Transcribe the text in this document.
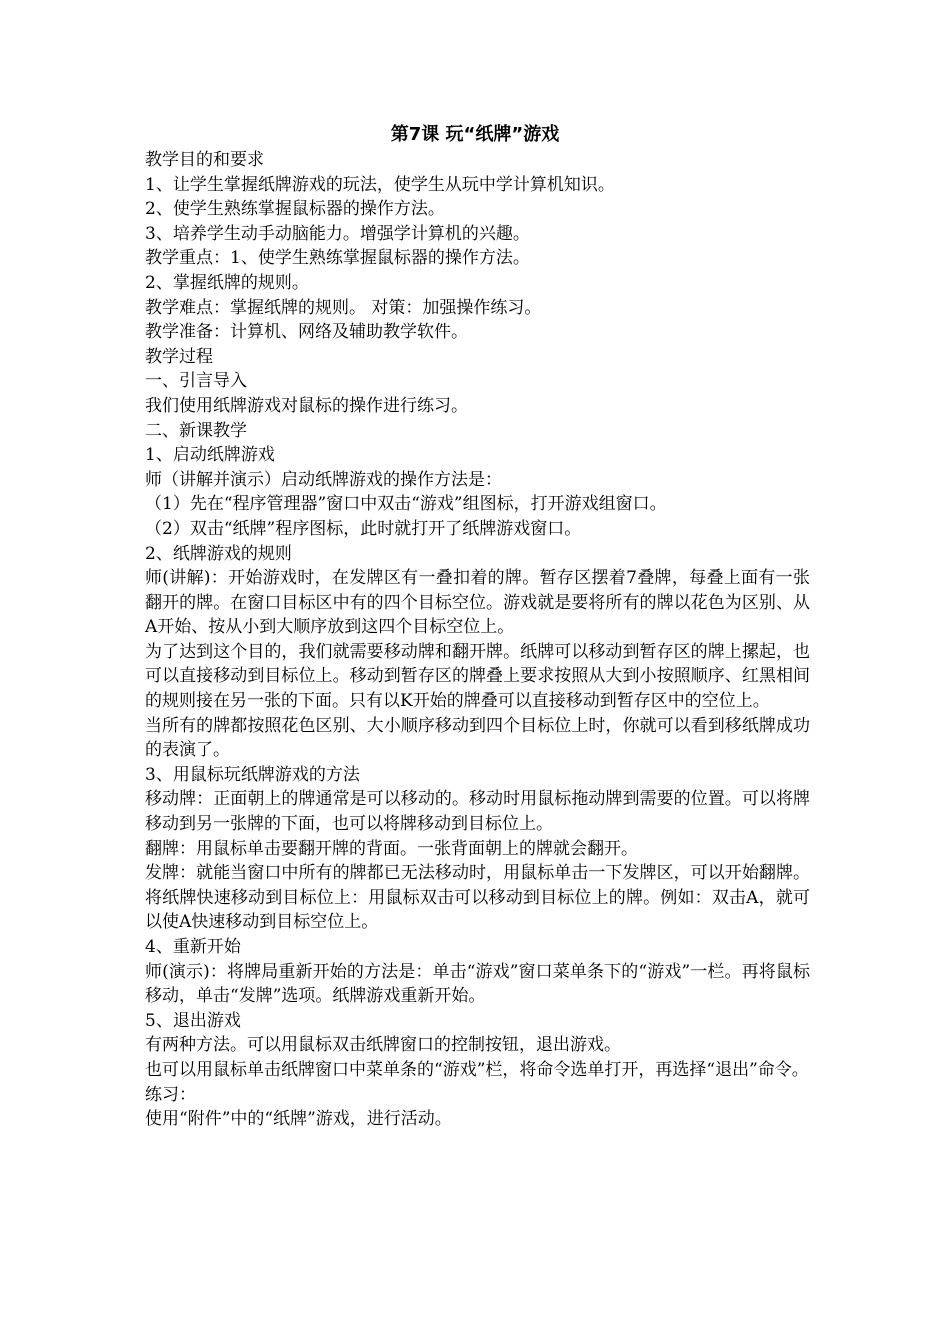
第7课 玩“纸牌”游戏

教学目的和要求

1、让学生掌握纸牌游戏的玩法，使学生从玩中学计算机知识。

2、使学生熟练掌握鼠标器的操作方法。

3、培养学生动手动脑能力。增强学计算机的兴趣。

教学重点：1、使学生熟练掌握鼠标器的操作方法。

2、掌握纸牌的规则。

教学难点：掌握纸牌的规则。 对策：加强操作练习。

教学准备：计算机、网络及辅助教学软件。

教学过程

一、引言导入

我们使用纸牌游戏对鼠标的操作进行练习。

二、新课教学

1、启动纸牌游戏

师（讲解并演示）启动纸牌游戏的操作方法是：

（1）先在“程序管理器”窗口中双击“游戏”组图标，打开游戏组窗口。

（2）双击“纸牌”程序图标，此时就打开了纸牌游戏窗口。

2、纸牌游戏的规则

师(讲解)：开始游戏时，在发牌区有一叠扣着的牌。暂存区摆着7叠牌，每叠上面有一张翻开的牌。在窗口目标区中有的四个目标空位。游戏就是要将所有的牌以花色为区别、从A开始、按从小到大顺序放到这四个目标空位上。

为了达到这个目的，我们就需要移动牌和翻开牌。纸牌可以移动到暂存区的牌上摞起，也可以直接移动到目标位上。移动到暂存区的牌叠上要求按照从大到小按照顺序、红黑相间的规则接在另一张的下面。只有以K开始的牌叠可以直接移动到暂存区中的空位上。

当所有的牌都按照花色区别、大小顺序移动到四个目标位上时，你就可以看到移纸牌成功的表演了。

3、用鼠标玩纸牌游戏的方法

移动牌：正面朝上的牌通常是可以移动的。移动时用鼠标拖动牌到需要的位置。可以将牌移动到另一张牌的下面，也可以将牌移动到目标位上。

翻牌：用鼠标单击要翻开牌的背面。一张背面朝上的牌就会翻开。

发牌：就能当窗口中所有的牌都已无法移动时，用鼠标单击一下发牌区，可以开始翻牌。将纸牌快速移动到目标位上：用鼠标双击可以移动到目标位上的牌。例如：双击A，就可以使A快速移动到目标空位上。

4、重新开始

师(演示)：将牌局重新开始的方法是：单击“游戏”窗口菜单条下的“游戏”一栏。再将鼠标移动，单击“发牌”选项。纸牌游戏重新开始。

5、退出游戏

有两种方法。可以用鼠标双击纸牌窗口的控制按钮，退出游戏。

也可以用鼠标单击纸牌窗口中菜单条的“游戏”栏，将命令选单打开，再选择“退出”命令。

练习：

使用“附件”中的“纸牌”游戏，进行活动。
